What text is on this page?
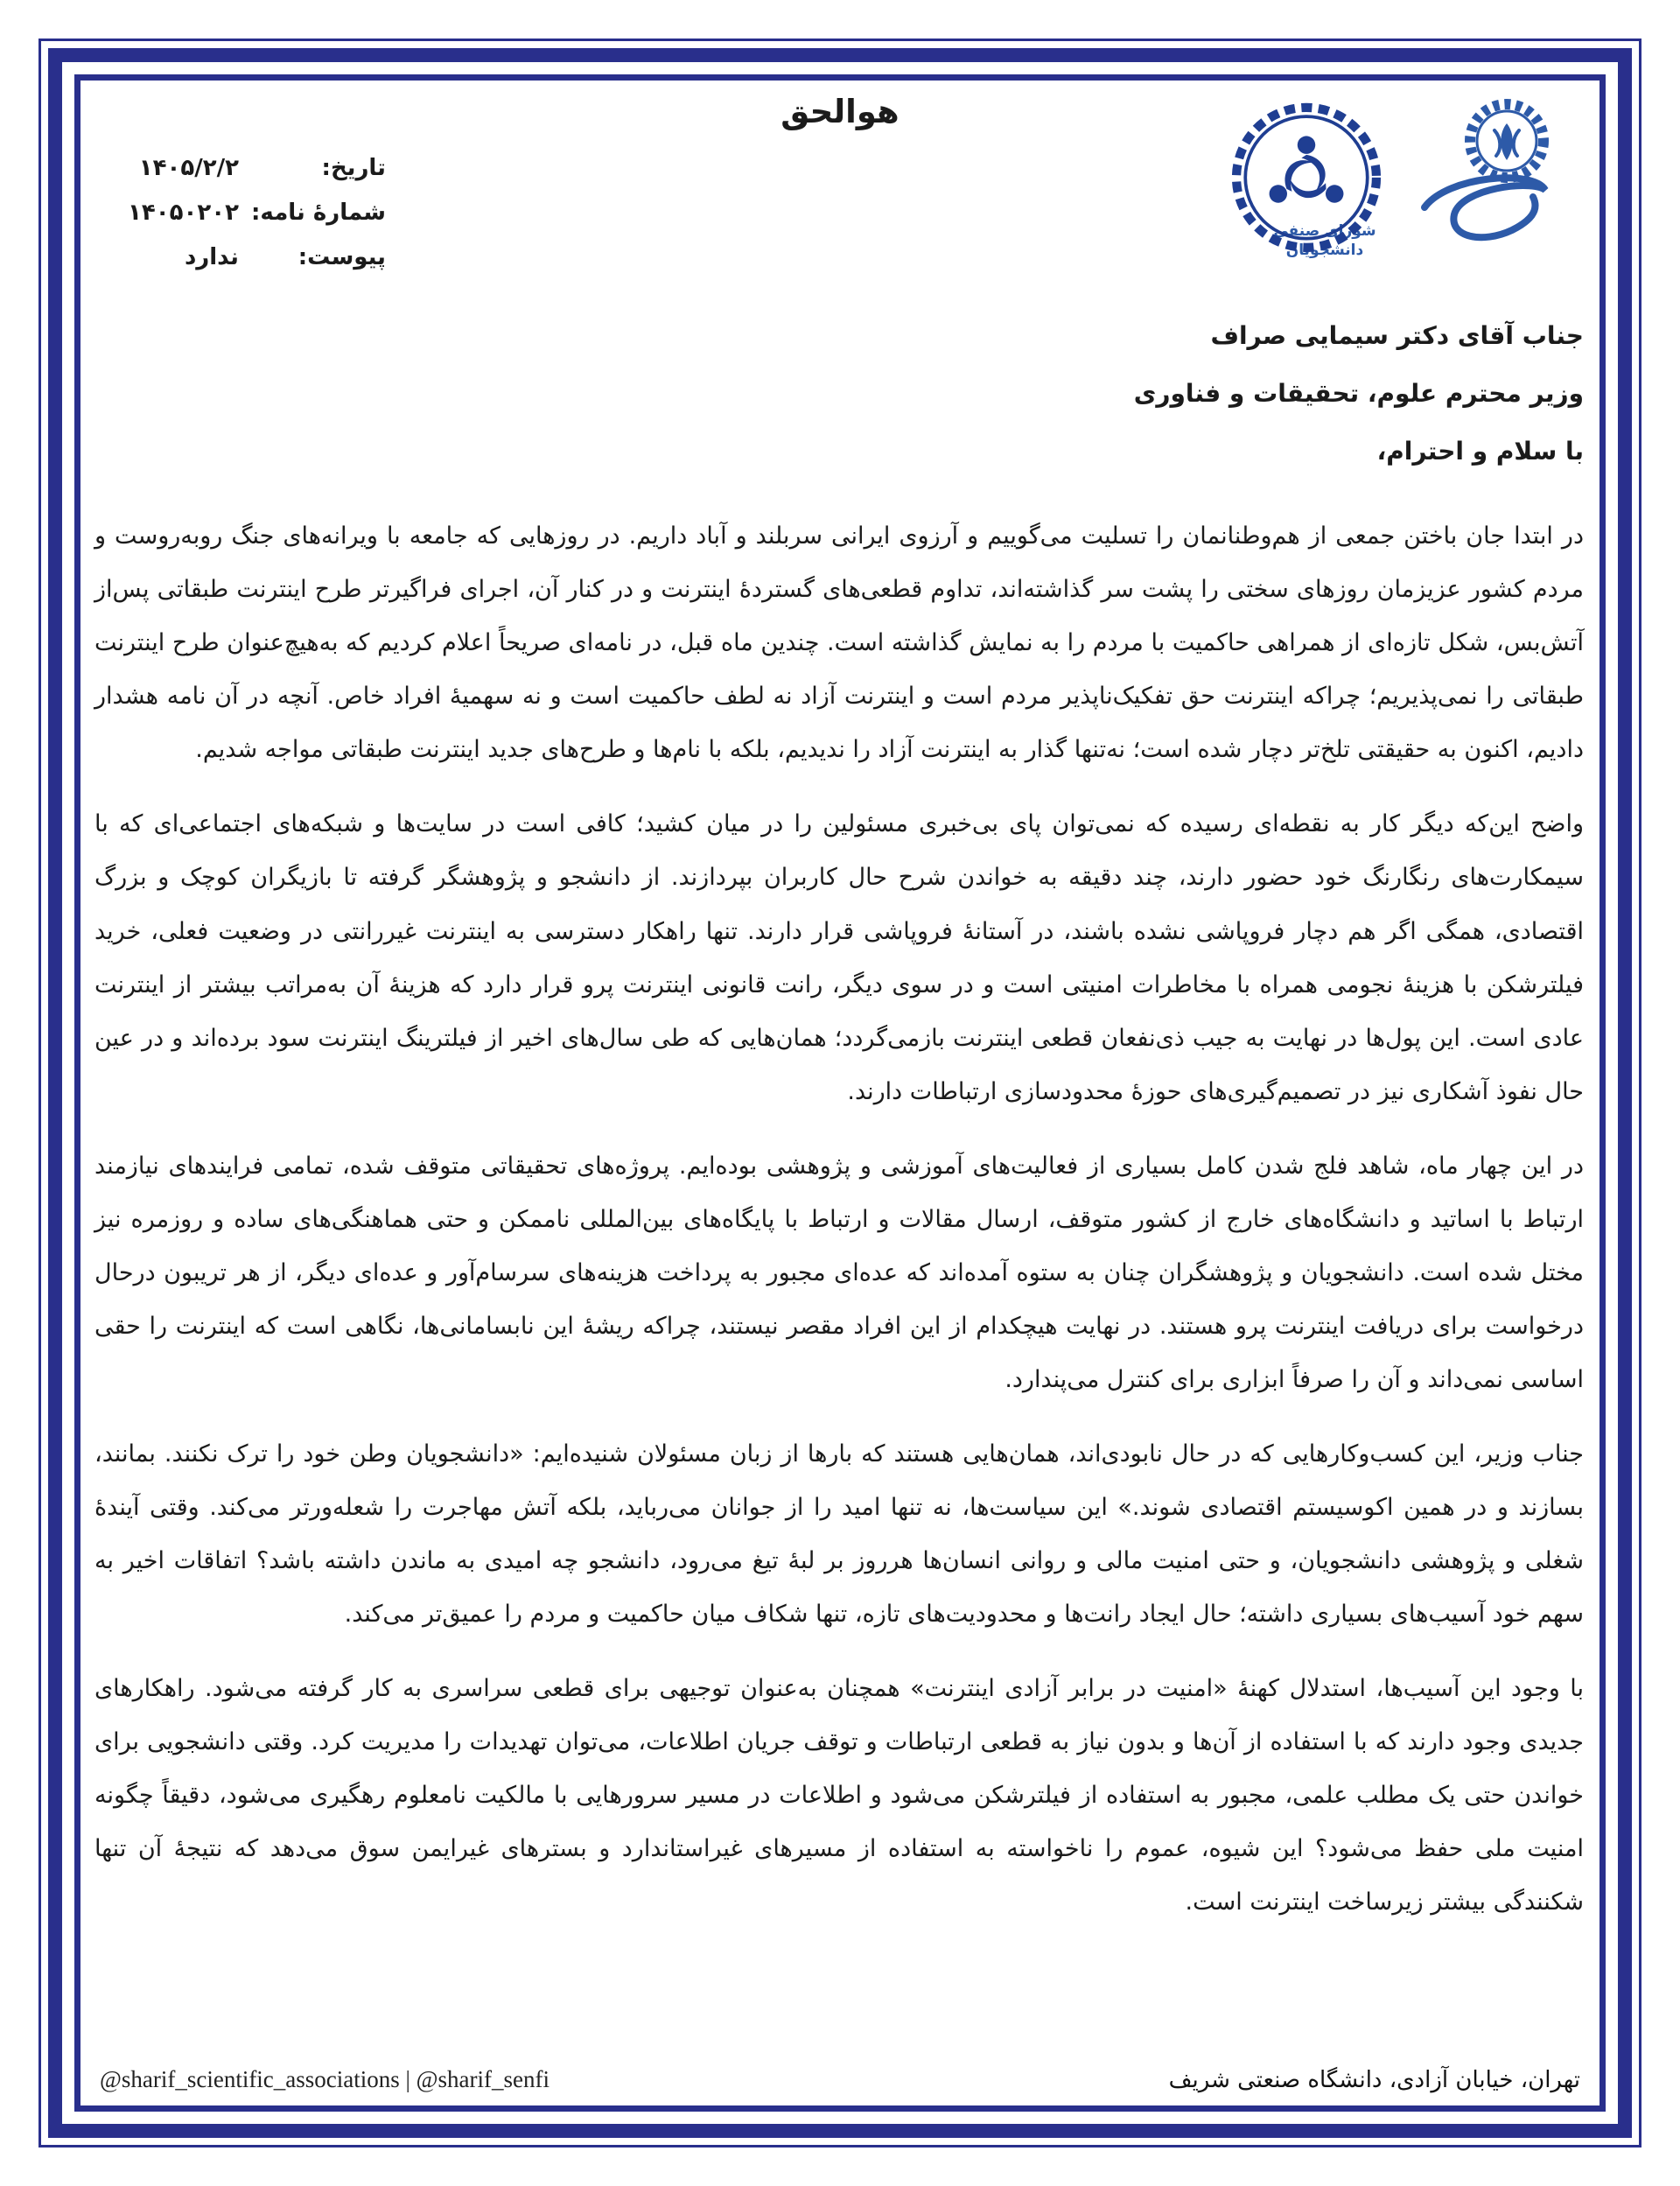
هوالحق
تاریخ:
۱۴۰۵/۲/۲
شمارهٔ نامه:
۱۴۰۵۰۲۰۲
پیوست:
ندارد
شورای صنفی
دانشجویان
جناب آقای دکتر سیمایی صراف
وزیر محترم علوم، تحقیقات و فناوری
با سلام و احترام،

در ابتدا جان باختن جمعی از هم‌وطنانمان را تسلیت می‌گوییم و آرزوی ایرانی سربلند و آباد داریم. در روزهایی که جامعه با ویرانه‌های جنگ روبه‌روست و مردم کشور عزیزمان روزهای سختی را پشت سر گذاشته‌اند، تداوم قطعی‌های گستردهٔ اینترنت و در کنار آن، اجرای فراگیرتر طرح اینترنت طبقاتی پس‌از آتش‌بس، شکل تازه‌ای از همراهی حاکمیت با مردم را به نمایش گذاشته است. چندین ماه قبل، در نامه‌ای صریحاً اعلام کردیم که به‌هیچ‌عنوان طرح اینترنت طبقاتی را نمی‌پذیریم؛ چراکه اینترنت حق تفکیک‌ناپذیر مردم است و اینترنت آزاد نه لطف حاکمیت است و نه سهمیهٔ افراد خاص. آنچه در آن نامه هشدار دادیم، اکنون به حقیقتی تلخ‌تر دچار شده است؛ نه‌تنها گذار به اینترنت آزاد را ندیدیم، بلکه با نام‌ها و طرح‌های جدید اینترنت طبقاتی مواجه شدیم.

واضح این‌که دیگر کار به نقطه‌ای رسیده که نمی‌توان پای بی‌خبری مسئولین را در میان کشید؛ کافی است در سایت‌ها و شبکه‌های اجتماعی‌ای که با سیمکارت‌های رنگارنگ خود حضور دارند، چند دقیقه به خواندن شرح حال کاربران بپردازند. از دانشجو و پژوهشگر گرفته تا بازیگران کوچک و بزرگ اقتصادی، همگی اگر هم دچار فروپاشی نشده باشند، در آستانهٔ فروپاشی قرار دارند. تنها راهکار دسترسی به اینترنت غیررانتی در وضعیت فعلی، خرید فیلترشکن با هزینهٔ نجومی همراه با مخاطرات امنیتی است و در سوی دیگر، رانت قانونی اینترنت پرو قرار دارد که هزینهٔ آن به‌مراتب بیشتر از اینترنت عادی است. این پول‌ها در نهایت به جیب ذی‌نفعان قطعی اینترنت بازمی‌گردد؛ همان‌هایی که طی سال‌های اخیر از فیلترینگ اینترنت سود برده‌اند و در عین حال نفوذ آشکاری نیز در تصمیم‌گیری‌های حوزهٔ محدودسازی ارتباطات دارند.

در این چهار ماه، شاهد فلج شدن کامل بسیاری از فعالیت‌های آموزشی و پژوهشی بوده‌ایم. پروژه‌های تحقیقاتی متوقف شده، تمامی فرایندهای نیازمند ارتباط با اساتید و دانشگاه‌های خارج از کشور متوقف، ارسال مقالات و ارتباط با پایگاه‌های بین‌المللی ناممکن و حتی هماهنگی‌های ساده و روزمره نیز مختل شده است. دانشجویان و پژوهشگران چنان به ستوه آمده‌اند که عده‌ای مجبور به پرداخت هزینه‌های سرسام‌آور و عده‌ای دیگر، از هر تریبون درحال درخواست برای دریافت اینترنت پرو هستند. در نهایت هیچکدام از این افراد مقصر نیستند، چراکه ریشهٔ این نابسامانی‌ها، نگاهی است که اینترنت را حقی اساسی نمی‌داند و آن را صرفاً ابزاری برای کنترل می‌پندارد.

جناب وزیر، این کسب‌وکارهایی که در حال نابودی‌اند، همان‌هایی هستند که بارها از زبان مسئولان شنیده‌ایم: «دانشجویان وطن خود را ترک نکنند. بمانند، بسازند و در همین اکوسیستم اقتصادی شوند.» این سیاست‌ها، نه تنها امید را از جوانان می‌رباید، بلکه آتش مهاجرت را شعله‌ورتر می‌کند. وقتی آیندهٔ شغلی و پژوهشی دانشجویان، و حتی امنیت مالی و روانی انسان‌ها هرروز بر لبهٔ تیغ می‌رود، دانشجو چه امیدی به ماندن داشته باشد؟ اتفاقات اخیر به سهم خود آسیب‌های بسیاری داشته؛ حال ایجاد رانت‌ها و محدودیت‌های تازه، تنها شکاف میان حاکمیت و مردم را عمیق‌تر می‌کند.

با وجود این آسیب‌ها، استدلال کهنهٔ «امنیت در برابر آزادی اینترنت» همچنان به‌عنوان توجیهی برای قطعی سراسری به کار گرفته می‌شود. راهکارهای جدیدی وجود دارند که با استفاده از آن‌ها و بدون نیاز به قطعی ارتباطات و توقف جریان اطلاعات، می‌توان تهدیدات را مدیریت کرد. وقتی دانشجویی برای خواندن حتی یک مطلب علمی، مجبور به استفاده از فیلترشکن می‌شود و اطلاعات در مسیر سرورهایی با مالکیت نامعلوم رهگیری می‌شود، دقیقاً چگونه امنیت ملی حفظ می‌شود؟ این شیوه، عموم را ناخواسته به استفاده از مسیرهای غیراستاندارد و بسترهای غیرایمن سوق می‌دهد که نتیجهٔ آن تنها شکنندگی بیشتر زیرساخت اینترنت است.

@sharif_scientific_associations | @sharif_senfi	تهران، خیابان آزادی، دانشگاه صنعتی شریف
